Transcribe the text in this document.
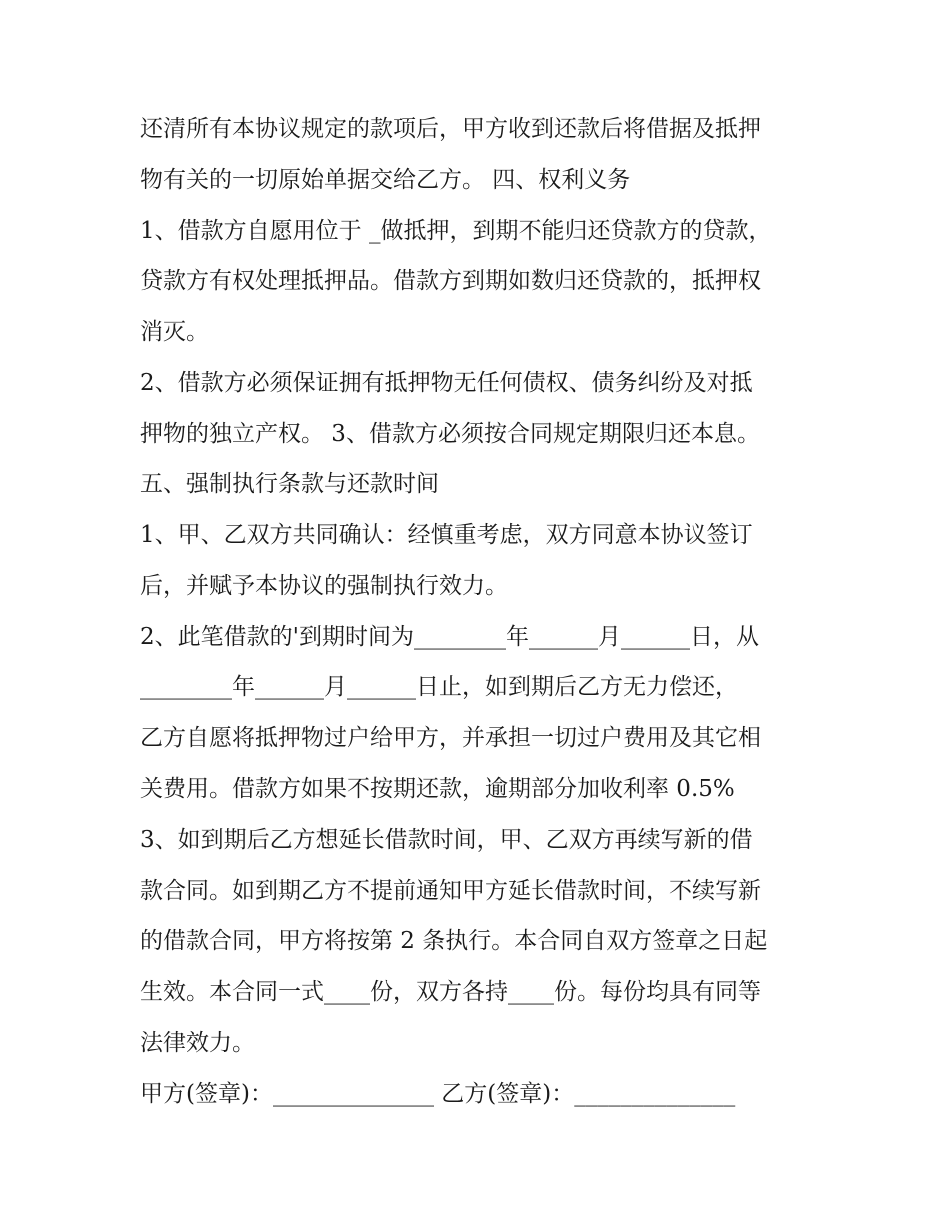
还清所有本协议规定的款项后，甲方收到还款后将借据及抵押
物有关的一切原始单据交给乙方。 四、权利义务
1、借款方自愿用位于 _做抵押，到期不能归还贷款方的贷款，
贷款方有权处理抵押品。借款方到期如数归还贷款的，抵押权
消灭。
2、借款方必须保证拥有抵押物无任何债权、债务纠纷及对抵
押物的独立产权。 3、借款方必须按合同规定期限归还本息。
五、强制执行条款与还款时间
1、甲、乙双方共同确认：经慎重考虑，双方同意本协议签订
后，并赋予本协议的强制执行效力。
2、此笔借款的'到期时间为________年______月______日，从
________年______月______日止，如到期后乙方无力偿还，
乙方自愿将抵押物过户给甲方，并承担一切过户费用及其它相
关费用。借款方如果不按期还款，逾期部分加收利率 0.5%
3、如到期后乙方想延长借款时间，甲、乙双方再续写新的借
款合同。如到期乙方不提前通知甲方延长借款时间，不续写新
的借款合同，甲方将按第 2 条执行。本合同自双方签章之日起
生效。本合同一式____份，双方各持____份。每份均具有同等
法律效力。
甲方(签章)：______________ 乙方(签章)：______________
